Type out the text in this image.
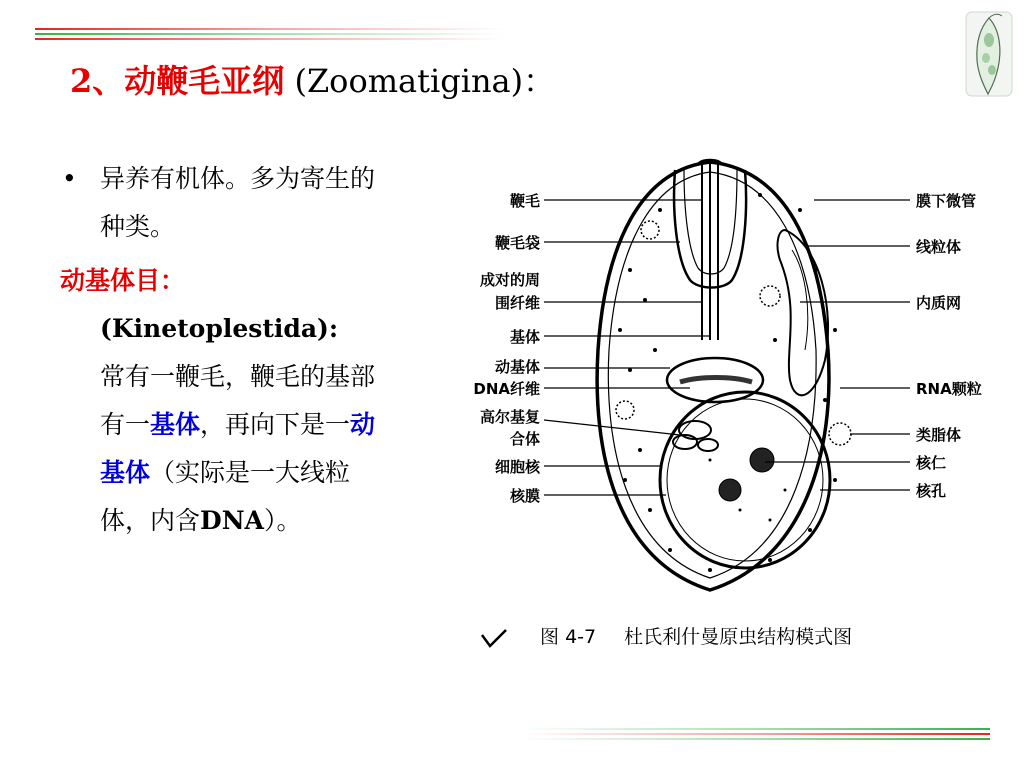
2、动鞭毛亚纲 (Zoomatigina)：
• 异养有机体。多为寄生的种类。
动基体目：
(Kinetoplestida):
常有一鞭毛，鞭毛的基部有一基体，再向下是一动基体（实际是一大线粒体，内含DNA）。
鞭毛
鞭毛袋
成对的周
围纤维
基体
动基体
DNA纤维
高尔基复
合体
细胞核
核膜
膜下微管
线粒体
内质网
RNA颗粒
类脂体
核仁
核孔
图 4-7 杜氏利什曼原虫结构模式图
